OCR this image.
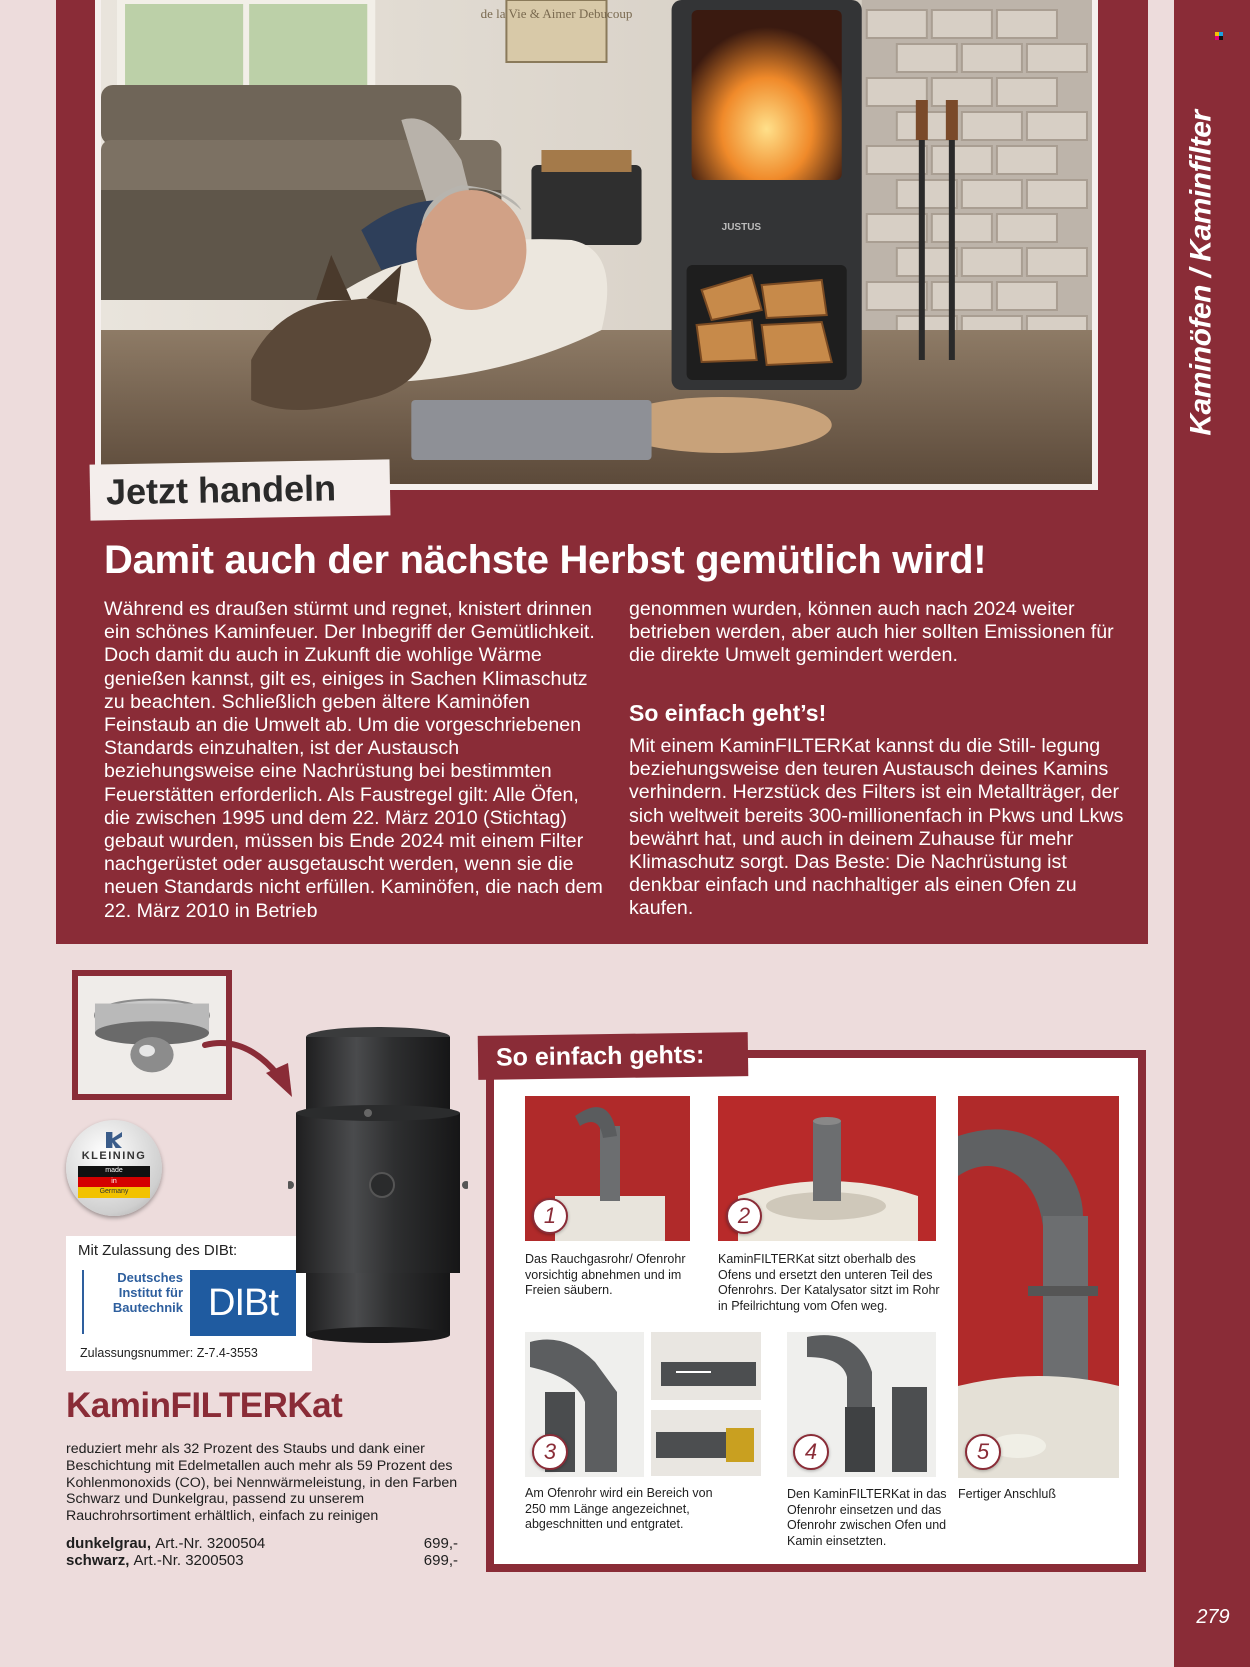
Kaminöfen / Kaminfilter
279
de la Vie & Aimer Debucoup
JUSTUS
Jetzt handeln
Damit auch der nächste Herbst gemütlich wird!
Während es draußen stürmt und regnet, knistert drinnen ein schönes Kaminfeuer. Der Inbegriff der Gemütlichkeit. Doch damit du auch in Zukunft die wohlige Wärme genießen kannst, gilt es, einiges in Sachen Klimaschutz zu beachten. Schließlich geben ältere Kaminöfen Feinstaub an die Umwelt ab. Um die vorgeschriebenen Standards einzuhalten, ist der Austausch beziehungsweise eine Nachrüstung bei bestimmten Feuerstätten erforderlich. Als Faustregel gilt: Alle Öfen, die zwischen 1995 und dem 22. März 2010 (Stichtag) gebaut wurden, müssen bis Ende 2024 mit einem Filter nachgerüstet oder ausgetauscht werden, wenn sie die neuen Standards nicht erfüllen. Kaminöfen, die nach dem 22. März 2010 in Betrieb
genommen wurden, können auch nach 2024 weiter betrieben werden, aber auch hier sollten Emissionen für die direkte Umwelt gemindert werden.
So einfach geht’s!
Mit einem KaminFILTERKat kannst du die Still- legung beziehungsweise den teuren Austausch deines Kamins verhindern. Herzstück des Filters ist ein Metallträger, der sich weltweit bereits 300-millionenfach in Pkws und Lkws bewährt hat, und auch in deinem Zuhause für mehr Klimaschutz sorgt. Das Beste: Die Nachrüstung ist denkbar einfach und nachhaltiger als einen Ofen zu kaufen.
KLEINING
made
in
Germany
Mit Zulassung des DIBt:
Deutsches Institut für Bautechnik DIBt
Zulassungsnummer: Z-7.4-3553
KaminFILTERKat
reduziert mehr als 32 Prozent des Staubs und dank einer Beschichtung mit Edelmetallen auch mehr als 59 Prozent des Kohlenmonoxids (CO), bei Nennwärmeleistung, in den Farben Schwarz und Dunkelgrau, passend zu unserem Rauchrohrsortiment erhältlich, einfach zu reinigen
dunkelgrau,
Art.-Nr. 3200504	699,-
schwarz,
Art.-Nr. 3200503	699,-
So einfach gehts:
1
Das Rauchgasrohr/ Ofenrohr vorsichtig abnehmen und im Freien säubern.
2
KaminFILTERKat sitzt oberhalb des Ofens und ersetzt den unteren Teil des Ofenrohrs. Der Katalysator sitzt im Rohr in Pfeilrichtung vom Ofen weg.
5
Fertiger Anschluß
3
Am Ofenrohr wird ein Bereich von 250 mm Länge angezeichnet, abgeschnitten und entgratet.
4
Den KaminFILTERKat in das Ofenrohr einsetzen und das Ofenrohr zwischen Ofen und Kamin einsetzten.
